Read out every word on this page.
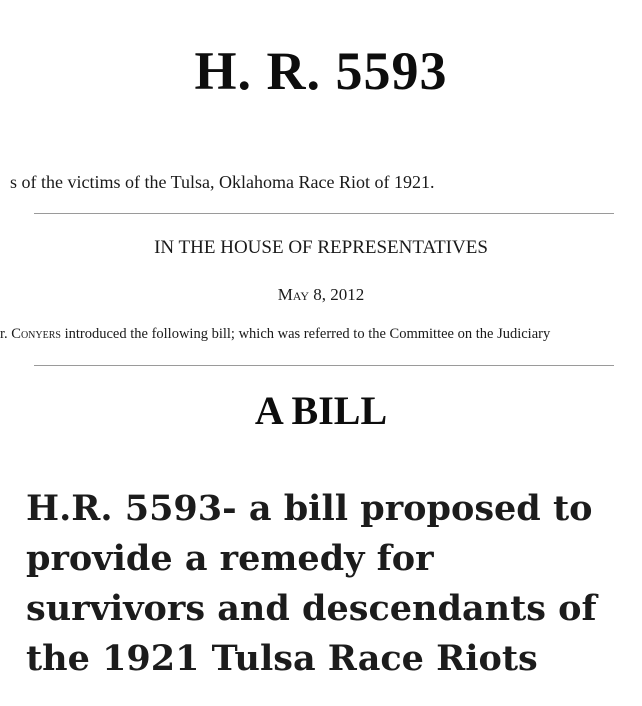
H. R. 5593
s of the victims of the Tulsa, Oklahoma Race Riot of 1921.
IN THE HOUSE OF REPRESENTATIVES
May 8, 2012
r. Conyers introduced the following bill; which was referred to the Committee on the Judiciary
A BILL
H.R. 5593- a bill proposed to
provide a remedy for
survivors and descendants of
the 1921 Tulsa Race Riots
